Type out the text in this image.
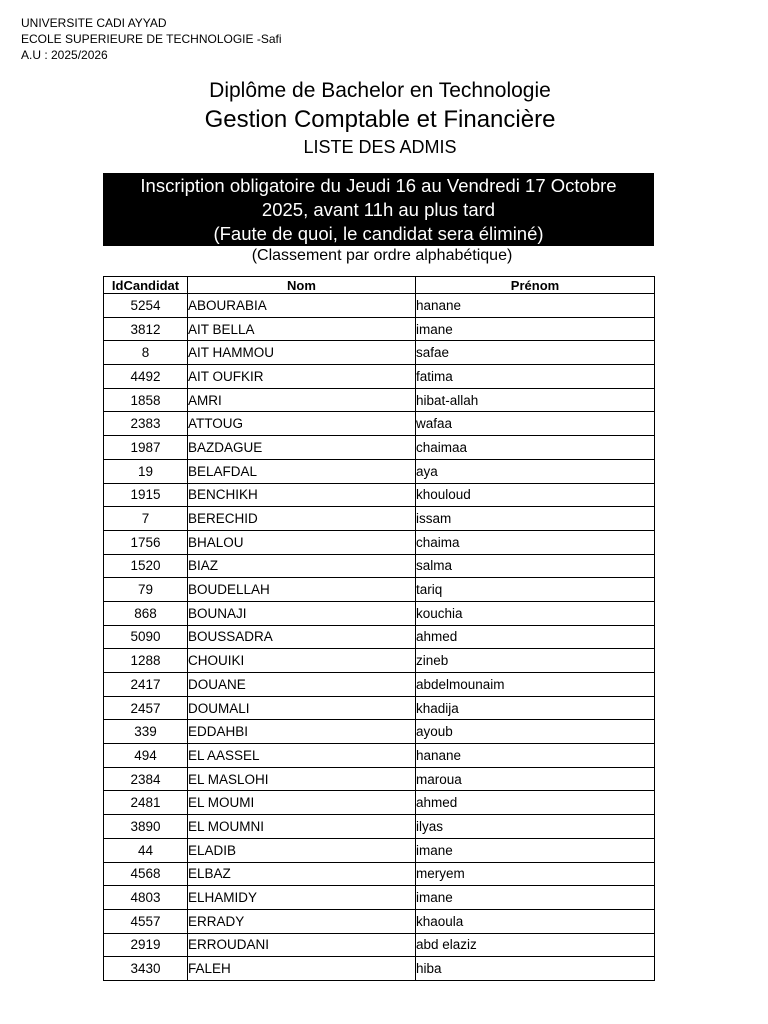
UNIVERSITE CADI AYYAD
ECOLE SUPERIEURE DE TECHNOLOGIE -Safi
A.U : 2025/2026
Diplôme de Bachelor en Technologie
Gestion Comptable et Financière
LISTE DES ADMIS
Inscription obligatoire du Jeudi 16 au Vendredi 17 Octobre
2025, avant 11h au plus tard
(Faute de quoi, le candidat sera éliminé)
(Classement par ordre alphabétique)
IdCandidat	Nom	Prénom
5254	ABOURABIA	hanane
3812	AIT BELLA	imane
8	AIT HAMMOU	safae
4492	AIT OUFKIR	fatima
1858	AMRI	hibat-allah
2383	ATTOUG	wafaa
1987	BAZDAGUE	chaimaa
19	BELAFDAL	aya
1915	BENCHIKH	khouloud
7	BERECHID	issam
1756	BHALOU	chaima
1520	BIAZ	salma
79	BOUDELLAH	tariq
868	BOUNAJI	kouchia
5090	BOUSSADRA	ahmed
1288	CHOUIKI	zineb
2417	DOUANE	abdelmounaim
2457	DOUMALI	khadija
339	EDDAHBI	ayoub
494	EL AASSEL	hanane
2384	EL MASLOHI	maroua
2481	EL MOUMI	ahmed
3890	EL MOUMNI	ilyas
44	ELADIB	imane
4568	ELBAZ	meryem
4803	ELHAMIDY	imane
4557	ERRADY	khaoula
2919	ERROUDANI	abd elaziz
3430	FALEH	hiba
